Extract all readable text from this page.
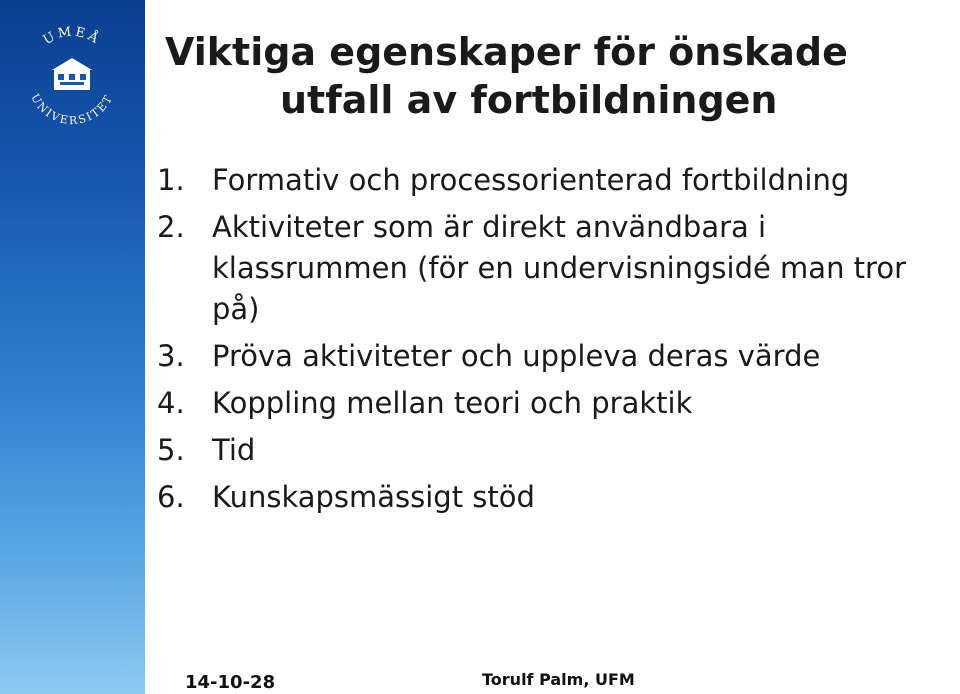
UMEÅ
UNIVERSITET
Viktiga egenskaper för önskade
utfall av fortbildningen
1. Formativ och processorienterad fortbildning
2. Aktiviteter som är direkt användbara i klassrummen (för en undervisningsidé man tror på)
3. Pröva aktiviteter och uppleva deras värde
4. Koppling mellan teori och praktik
5. Tid
6. Kunskapsmässigt stöd
14-10-28	Torulf Palm, UFM
